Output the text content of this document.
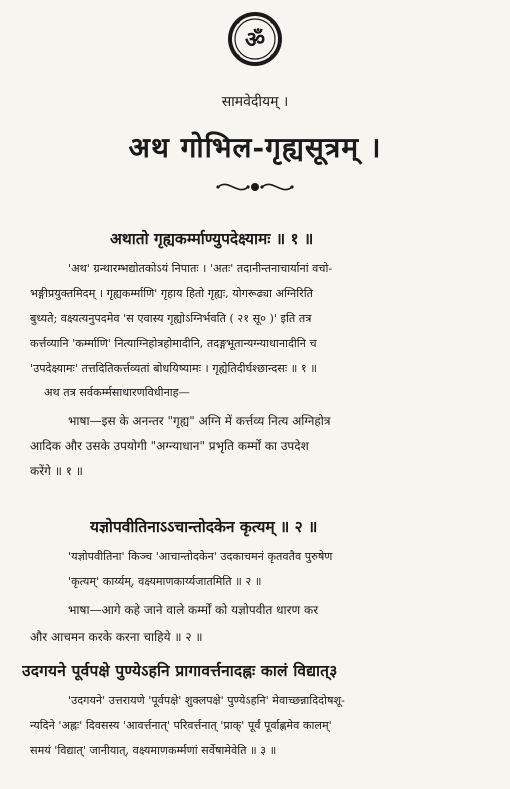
ॐ
सामवेदीयम् ।
अथ गोभिल-गृह्यसूत्रम् ।
अथातो गृह्यकर्म्माण्युपदेक्ष्यामः ॥ १ ॥
'अथ' ग्रन्थारम्भद्योतकोऽयं निपातः । 'अतः' तदानीन्तनाचार्यानां वचो-
भङ्गीप्रयुक्तमिदम् । गृह्यकर्म्माणि' गृहाय हितो गृह्यः, योगरूढ्या अग्निरिति
बुध्यते; वक्ष्यत्यनुपदमेव 'स एवास्य गृह्योऽग्निर्भवति ( २१ सू० )' इति तत्र
कर्त्तव्यानि 'कर्म्माणि' नित्याग्निहोत्रहोमादीनि, तदङ्गभूतान्यग्न्याधानादीनि च
'उपदेक्ष्यामः' तत्तदितिकर्त्तव्यतां बोधयिष्यामः । गृह्येतिदीर्घश्छान्दसः ॥ १ ॥
अथ तत्र सर्वकर्म्मसाधारणविधीनाह—
भाषा—इस के अनन्तर "गृह्य" अग्नि में कर्त्तव्य नित्य अग्निहोत्र
आदिक और उसके उपयोगी "अग्न्याधान" प्रभृति कर्म्मों का उपदेश
करेंगे ॥ १ ॥
यज्ञोपवीतिनाऽऽचान्तोदकेन कृत्यम् ॥ २ ॥
'यज्ञोपवीतिना' किञ्च 'आचान्तोदकेन' उदकाचमनं कृतवतैव पुरुषेण
'कृत्यम्' कार्य्यम्, वक्ष्यमाणकार्य्यजातमिति ॥ २ ॥
भाषा—आगे कहे जाने वाले कर्म्मों को यज्ञोपवीत धारण कर
और आचमन करके करना चाहिये ॥ २ ॥
उदगयने पूर्वपक्षे पुण्येऽहनि प्रागावर्त्तनादह्नः कालं विद्यात्३
'उदगयने' उत्तरायणे 'पूर्वपक्षे' शुक्लपक्षे' पुण्येऽहनि' मेवाच्छन्नादिदोषशू-
न्यदिने 'अह्नः' दिवसस्य 'आवर्त्तनात्' परिवर्त्तनात् 'प्राक्' पूर्वं पूर्वाह्णमेव कालम्'
समयं 'विद्यात्' जानीयात्, वक्ष्यमाणकर्म्मणां सर्वेषामेवेति ॥ ३ ॥
